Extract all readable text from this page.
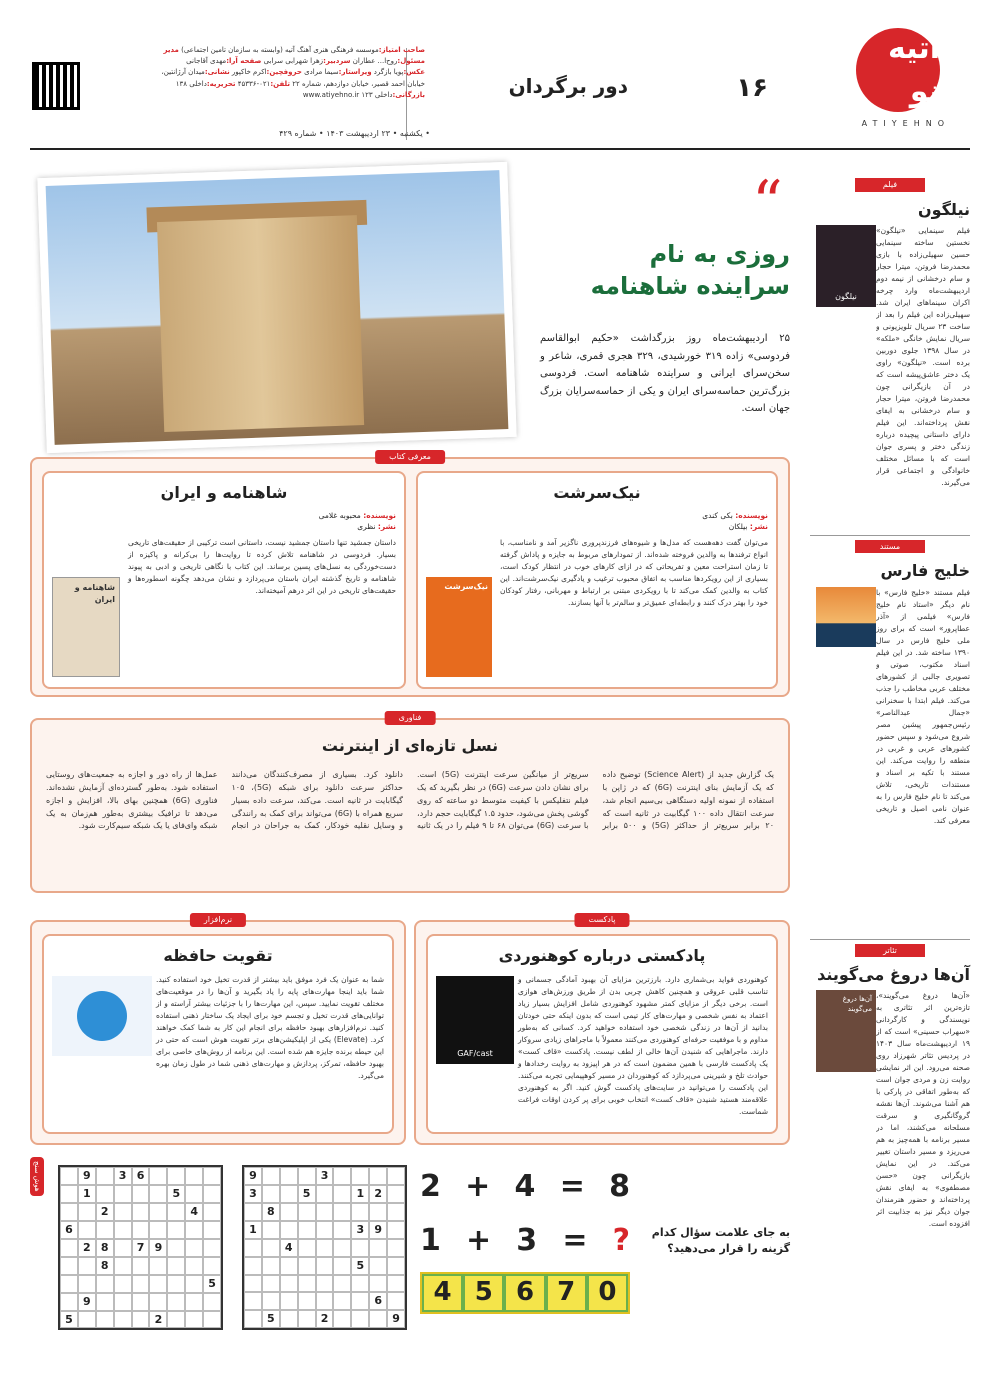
آتیه نو
ATIYEHNO
۱۶
دور برگردان
صاحب امتیاز:موسسه فرهنگی هنری آهنگ آتیه (وابسته به سازمان تامین اجتماعی) مدیر مسئول:روح‌ا... عطاران سردبیر:زهرا شهرابی سرابی صفحه آرا:مهدی آقاجانی عکس:پویا بازگرد ویراستار:سیما مرادی حروفچین:اکرم خاکپور نشانی:میدان آرژانتین، خیابان احمد قصیر، خیابان دوازدهم، شماره ۲۲ تلفن:۰۲۱-۴۵۳۳۶ تحریریه:داخلی ۱۳۸ بازرگانی:داخلی ۱۲۳ www.atiyehno.ir
• یکشنبه • ۲۳ اردیبهشت ۱۴۰۳ • شماره ۴۲۹
“
روزی به نام
سراینده شاهنامه
۲۵ اردیبهشت‌ماه روز بزرگداشت «حکیم ابوالقاسم فردوسی» زاده ۳۱۹ خورشیدی، ۳۲۹ هجری قمری، شاعر و سخن‌سرای ایرانی و سراینده شاهنامه است. فردوسی بزرگ‌ترین حماسه‌سرای ایران و یکی از حماسه‌سرایان بزرگ جهان است.
معرفی کتاب
نیک‌سرشت
نویسنده: بکی کندی
نشر: بیلکان
نیک‌سرشت
می‌توان گفت دهه‌هست که مدل‌ها و شیوه‌های فرزندپروری ناگزیر آمد و نامناسب، با انواع ترفندها به والدین فروخته شده‌اند. از تمودارهای مربوط به جایزه و پاداش گرفته تا زمان استراحت معین و تفریحاتی که در ازای کارهای خوب در انتظار کودک است، بسیاری از این رویکردها مناسب به اتفاق محبوب ترغیب و یادگیری نیک‌سرشت‌اند. این کتاب به والدین کمک می‌کند تا با رویکردی مبتنی بر ارتباط و مهربانی، رفتار کودکان خود را بهتر درک کنند و رابطه‌ای عمیق‌تر و سالم‌تر با آنها بسازند.
شاهنامه و ایران
نویسنده: محبوبه غلامی
نشر: نظری
شاهنامه و ایران
داستان جمشید تنها داستان جمشید نیست، داستانی است ترکیبی از حقیقت‌های تاریخی بسیار. فردوسی در شاهنامه تلاش کرده تا روایت‌ها را بی‌کرانه و پاکیزه از دست‌خوردگی به نسل‌های پسین برساند. این کتاب با نگاهی تاریخی و ادبی به پیوند شاهنامه و تاریخ گذشته ایران باستان می‌پردازد و نشان می‌دهد چگونه اسطوره‌ها و حقیقت‌های تاریخی در این اثر درهم آمیخته‌اند.
فناوری
نسل تازه‌ای از اینترنت
یک گزارش جدید از (Science Alert) توضیح داده که یک آزمایش بنای اینترنت (6G) که در ژاپن با استفاده از نمونه اولیه دستگاهی بی‌سیم انجام شد، سرعت انتقال داده ۱۰۰ گیگابیت در ثانیه است که ۲۰ برابر سریع‌تر از حداکثر (5G) و ۵۰۰ برابر سریع‌تر از میانگین سرعت اینترنت (5G) است. برای نشان دادن سرعت (6G) در نظر بگیرید که یک فیلم نتفلیکس با کیفیت متوسط دو ساعته که روی گوشی پخش می‌شود، حدود ۱.۵ گیگابایت حجم دارد، با سرعت (6G) می‌توان ۶۸ تا ۹ فیلم را در یک ثانیه دانلود کرد. بسیاری از مصرف‌کنندگان می‌دانند حداکثر سرعت دانلود برای شبکه (5G)، ۱۰۵ گیگابایت در ثانیه است. می‌کند، سرعت داده بسیار سریع همراه با (6G) می‌تواند برای کمک به رانندگی و وسایل نقلیه خودکار، کمک به جراحان در انجام عمل‌ها از راه دور و اجازه به جمعیت‌های روستایی استفاده شود. به‌طور گسترده‌ای آزمایش نشده‌اند. فناوری (6G) همچنین بهای بالا، افزایش و اجازه می‌دهد تا ترافیک بیشتری به‌طور هم‌زمان به یک شبکه وای‌فای یا یک شبکه سیم‌کارت شود.
پادکست
پادکستی درباره کوهنوردی
GAF/cast
کوهنوردی فواید بی‌شماری دارد. بارزترین مزایای آن بهبود آمادگی جسمانی و تناسب قلبی عروقی و همچنین کاهش چربی بدن از طریق ورزش‌های هوازی است. برخی دیگر از مزایای کمتر مشهود کوهنوردی شامل افزایش بسیار زیاد اعتماد به نفس شخصی و مهارت‌های کار تیمی است که بدون اینکه حتی خودتان بدانید از آن‌ها در زندگی شخصی خود استفاده خواهید کرد. کسانی که به‌طور مداوم و با موفقیت حرفه‌ای کوهنوردی می‌کنند معمولاً با ماجراهای زیادی سروکار دارند. ماجراهایی که شنیدن آن‌ها خالی از لطف نیست. پادکست «قاف کست» یک پادکست فارسی با همین مضمون است که در هر اپیزود به روایت رخدادها و حوادث تلخ و شیرینی می‌پردازد که کوهنوردان در مسیر کوهپیمایی تجربه می‌کنند. این پادکست را می‌توانید در سایت‌های پادکست گوش کنید. اگر به کوهنوردی علاقه‌مند هستید شنیدن «قاف کست» انتخاب خوبی برای پر کردن اوقات فراغت شماست.
نرم‌افزار
تقویت حافظه
شما به عنوان یک فرد موفق باید بیشتر از قدرت تخیل خود استفاده کنید. شما باید اینجا مهارت‌های پایه را یاد بگیرید و آن‌ها را در موقعیت‌های مختلف تقویت نمایید. سپس، این مهارت‌ها را با جزئیات بیشتر آراسته و از توانایی‌های قدرت تخیل و تجسم خود برای ایجاد یک ساختار ذهنی استفاده کنید. نرم‌افزارهای بهبود حافظه برای انجام این کار به شما کمک خواهند کرد. (Elevate) یکی از اپلیکیشن‌های برتر تقویت هوش است که حتی در این حیطه برنده جایزه هم شده است. این برنامه از روش‌های خاصی برای بهبود حافظه، تمرکز، پردازش و مهارت‌های ذهنی شما در طول زمان بهره می‌گیرد.
فیلم
نیلگون
نیلگون
فیلم سینمایی «نیلگون» نخستین ساخته سینمایی حسین سهیلی‌زاده با بازی محمدرضا فروتن، میترا حجار و سام درخشانی از نیمه دوم اردیبهشت‌ماه وارد چرخه اکران سینماهای ایران شد. سهیلی‌زاده این فیلم را بعد از ساخت ۲۳ سریال تلویزیونی و سریال نمایش خانگی «ملکه» در سال ۱۳۹۸ جلوی دوربین برده است. «نیلگون» راوی یک دختر عاشق‌پیشه است که در آن بازیگرانی چون محمدرضا فروتن، میترا حجار و سام درخشانی به ایفای نقش پرداخته‌اند. این فیلم دارای داستانی پیچیده درباره زندگی دختر و پسری جوان است که با مسائل مختلف خانوادگی و اجتماعی قرار می‌گیرند.
مستند
خلیج فارس
فیلم مستند «خلیج فارس» با نام دیگر «استاد نام خلیج فارس» فیلمی از «آذر عطاپرور» است که برای روز ملی خلیج فارس در سال ۱۳۹۰ ساخته شد. در این فیلم اسناد مکتوب، صوتی و تصویری جالبی از کشورهای مختلف عربی مخاطب را جذب می‌کند. فیلم ابتدا با سخنرانی «جمال عبدالناصر» رئیس‌جمهور پیشین مصر شروع می‌شود و سپس حضور کشورهای عربی و غربی در منطقه را روایت می‌کند. این مستند با تکیه بر اسناد و مستندات تاریخی، تلاش می‌کند تا نام خلیج فارس را به عنوان نامی اصیل و تاریخی معرفی کند.
تئاتر
آن‌ها دروغ می‌گویند
آن‌ها دروغ می‌گویند
«آن‌ها دروغ می‌گویند»، تازه‌ترین اثر تئاتری به نویسندگی و کارگردانی «سهراب حسینی» است که از ۱۹ اردیبهشت‌ماه سال ۱۴۰۳ در پردیس تئاتر شهرزاد روی صحنه می‌رود. این اثر نمایشی روایت زن و مردی جوان است که به‌طور اتفاقی در پارکی با هم آشنا می‌شوند. آن‌ها نقشه گروگانگیری و سرقت مسلحانه می‌کشند، اما در مسیر برنامه با همه‌چیز به هم می‌ریزد و مسیر داستان تغییر می‌کند. در این نمایش بازیگرانی چون «حسن مصطفوی» به ایفای نقش پرداخته‌اند و حضور هنرمندان جوان دیگر نیز به جذابیت اثر افزوده است.
هوش سنج
به جای علامت سؤال کدام گزینه را قرار می‌دهید؟
2 + 4 = 8
1 + 3 = ?
4 5 6 7 0
3
9
2
1
5
3
8
9
3
1
4
5
6
9
2
5
6
3
9
5
1
4
2
6
9
7
8
2
8
5
9
2
5
